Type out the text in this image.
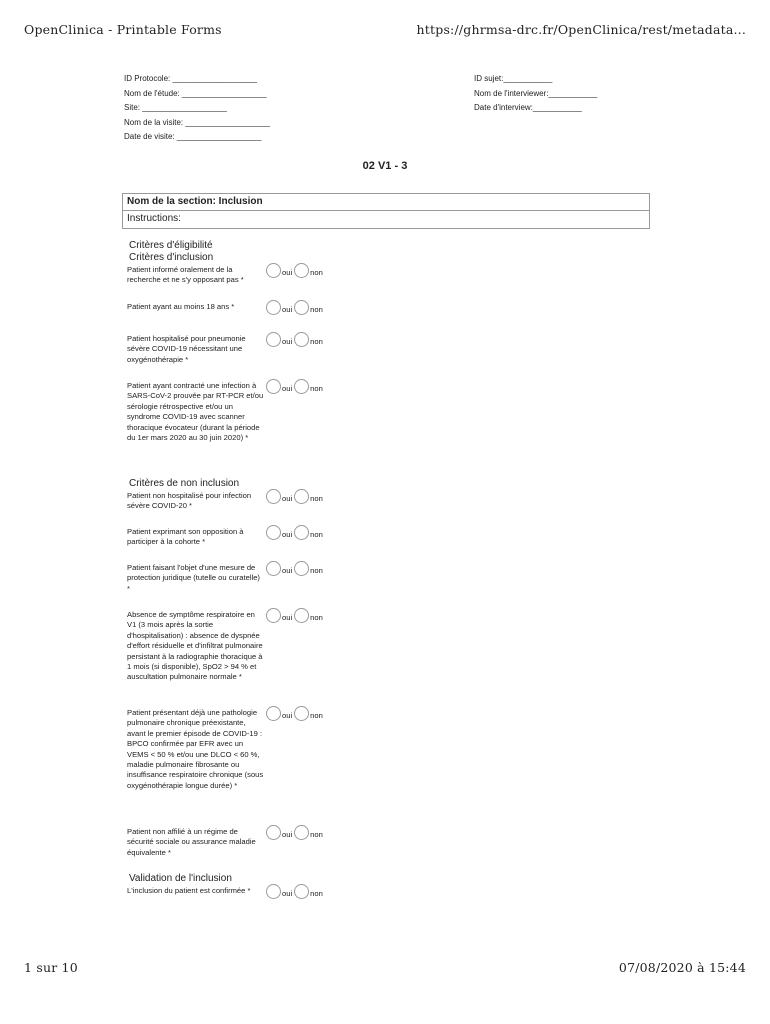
OpenClinica - Printable Forms	https://ghrmsa-drc.fr/OpenClinica/rest/metadata...
ID Protocole: ___________________
Nom de l'étude: ___________________
Site: ___________________
Nom de la visite: ___________________
Date de visite: ___________________
ID sujet:___________
Nom de l'interviewer:___________
Date d'interview:___________
02 V1 - 3
Nom de la section: Inclusion
Instructions:
Critères d'éligibilité
Critères d'inclusion
Patient informé oralement de la recherche et ne s'y opposant pas *
oui non
Patient ayant au moins 18 ans *	oui non
Patient hospitalisé pour pneumonie sévère COVID-19 nécessitant une oxygénothérapie *
oui non
Patient ayant contracté une infection à SARS-CoV-2 prouvée par RT-PCR et/ou sérologie rétrospective et/ou un syndrome COVID-19 avec scanner thoracique évocateur (durant la période du 1er mars 2020 au 30 juin 2020) *
oui non
Critères de non inclusion
Patient non hospitalisé pour infection sévère COVID-20 *
oui non
Patient exprimant son opposition à participer à la cohorte *
oui non
Patient faisant l'objet d'une mesure de protection juridique (tutelle ou curatelle) *
oui non
Absence de symptôme respiratoire en V1 (3 mois après la sortie d'hospitalisation) : absence de dyspnée d'effort résiduelle et d'infiltrat pulmonaire persistant à la radiographie thoracique à 1 mois (si disponible), SpO2 > 94 % et auscultation pulmonaire normale *
oui non
Patient présentant déjà une pathologie pulmonaire chronique préexistante, avant le premier épisode de COVID-19 : BPCO confirmée par EFR avec un VEMS < 50 % et/ou une DLCO < 60 %, maladie pulmonaire fibrosante ou insuffisance respiratoire chronique (sous oxygénothérapie longue durée) *
oui non
Patient non affilié à un régime de sécurité sociale ou assurance maladie équivalente *
oui non
Validation de l'inclusion
L'inclusion du patient est confirmée *	oui non
1 sur 10	07/08/2020 à 15:44
